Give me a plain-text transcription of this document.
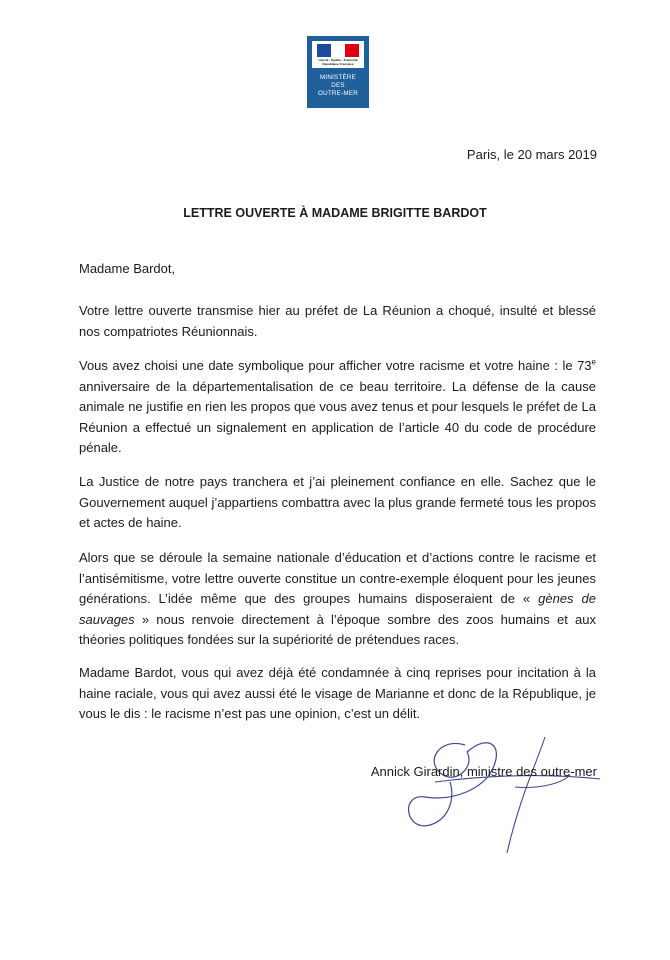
Liberté • Égalité • Fraternité
République Française
MINISTÈRE
DES
OUTRE-MER
Paris, le 20 mars 2019
LETTRE OUVERTE À MADAME BRIGITTE BARDOT

Madame Bardot,

Votre lettre ouverte transmise hier au préfet de La Réunion a choqué, insulté et blessé nos compatriotes Réunionnais.

Vous avez choisi une date symbolique pour afficher votre racisme et votre haine : le 73e anniversaire de la départementalisation de ce beau territoire. La défense de la cause animale ne justifie en rien les propos que vous avez tenus et pour lesquels le préfet de La Réunion a effectué un signalement en application de l’article 40 du code de procédure pénale.

La Justice de notre pays tranchera et j’ai pleinement confiance en elle. Sachez que le Gouvernement auquel j’appartiens combattra avec la plus grande fermeté tous les propos et actes de haine.

Alors que se déroule la semaine nationale d’éducation et d’actions contre le racisme et l’antisémitisme, votre lettre ouverte constitue un contre-exemple éloquent pour les jeunes générations. L’idée même que des groupes humains disposeraient de « gènes de sauvages » nous renvoie directement à l’époque sombre des zoos humains et aux théories politiques fondées sur la supériorité de prétendues races.

Madame Bardot, vous qui avez déjà été condamnée à cinq reprises pour incitation à la haine raciale, vous qui avez aussi été le visage de Marianne et donc de la République, je vous le dis : le racisme n’est pas une opinion, c’est un délit.

Annick Girardin, ministre des outre-mer
